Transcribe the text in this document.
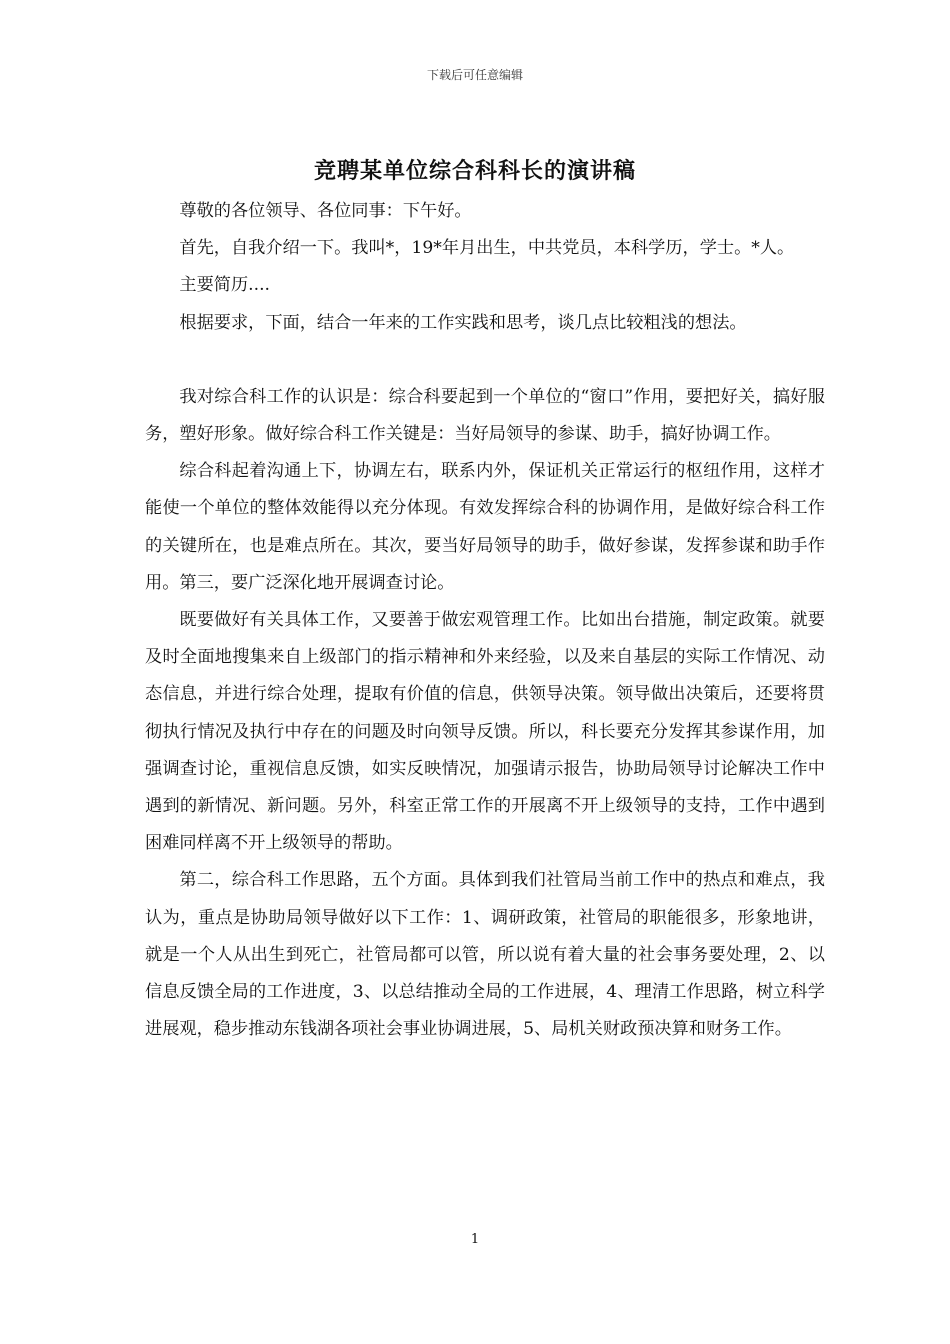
下载后可任意编辑
竞聘某单位综合科科长的演讲稿

尊敬的各位领导、各位同事：下午好。

首先，自我介绍一下。我叫*，19*年月出生，中共党员，本科学历，学士。*人。

主要简历....

根据要求，下面，结合一年来的工作实践和思考，谈几点比较粗浅的想法。

我对综合科工作的认识是：综合科要起到一个单位的“窗口”作用，要把好关，搞好服务，塑好形象。做好综合科工作关键是：当好局领导的参谋、助手，搞好协调工作。

综合科起着沟通上下，协调左右，联系内外，保证机关正常运行的枢纽作用，这样才能使一个单位的整体效能得以充分体现。有效发挥综合科的协调作用，是做好综合科工作的关键所在，也是难点所在。其次，要当好局领导的助手，做好参谋，发挥参谋和助手作用。第三，要广泛深化地开展调查讨论。

既要做好有关具体工作，又要善于做宏观管理工作。比如出台措施，制定政策。就要及时全面地搜集来自上级部门的指示精神和外来经验，以及来自基层的实际工作情况、动态信息，并进行综合处理，提取有价值的信息，供领导决策。领导做出决策后，还要将贯彻执行情况及执行中存在的问题及时向领导反馈。所以，科长要充分发挥其参谋作用，加强调查讨论，重视信息反馈，如实反映情况，加强请示报告，协助局领导讨论解决工作中遇到的新情况、新问题。另外，科室正常工作的开展离不开上级领导的支持，工作中遇到困难同样离不开上级领导的帮助。

第二，综合科工作思路，五个方面。具体到我们社管局当前工作中的热点和难点，我认为，重点是协助局领导做好以下工作：1、调研政策，社管局的职能很多，形象地讲，就是一个人从出生到死亡，社管局都可以管，所以说有着大量的社会事务要处理，2、以信息反馈全局的工作进度，3、以总结推动全局的工作进展，4、理清工作思路，树立科学进展观，稳步推动东钱湖各项社会事业协调进展，5、局机关财政预决算和财务工作。

1
